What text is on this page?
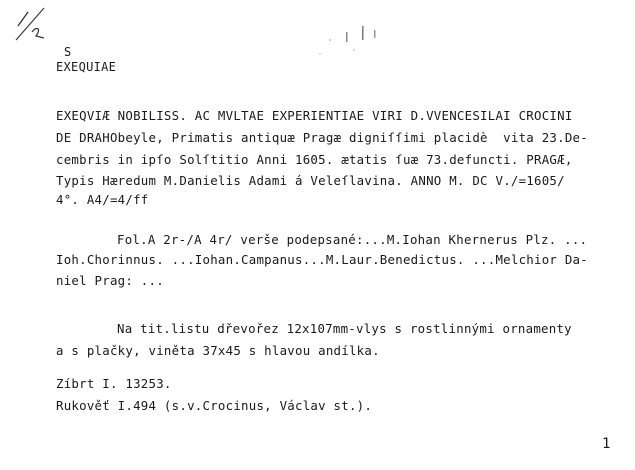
S
EXEQUIAE
EXEQVIÆ NOBILISS. AC MVLTAE EXPERIENTIAE VIRI D.VVENCESILAI CROCINI
DE DRAHObeyle, Primatis antiquæ Pragæ digniſſimi placidè  vita 23.De-
cembris in ipſo Solſtitio Anni 1605. ætatis ſuæ 73.defuncti. PRAGÆ,
Typis Hæredum M.Danielis Adami á Veleſlavina. ANNO M. DC V./=1605/
4°. A4/=4/ff
Fol.A 2r-/A 4r/ verše podepsané:...M.Iohan Khernerus Plz. ...
Ioh.Chorinnus. ...Iohan.Campanus...M.Laur.Benedictus. ...Melchior Da-
niel Prag: ...
Na tit.listu dřevořez 12x107mm-vlys s rostlinnými ornamenty
a s plačky, viněta 37x45 s hlavou andílka.
Zíbrt I. 13253.
Rukověť I.494 (s.v.Crocinus, Václav st.).
1
